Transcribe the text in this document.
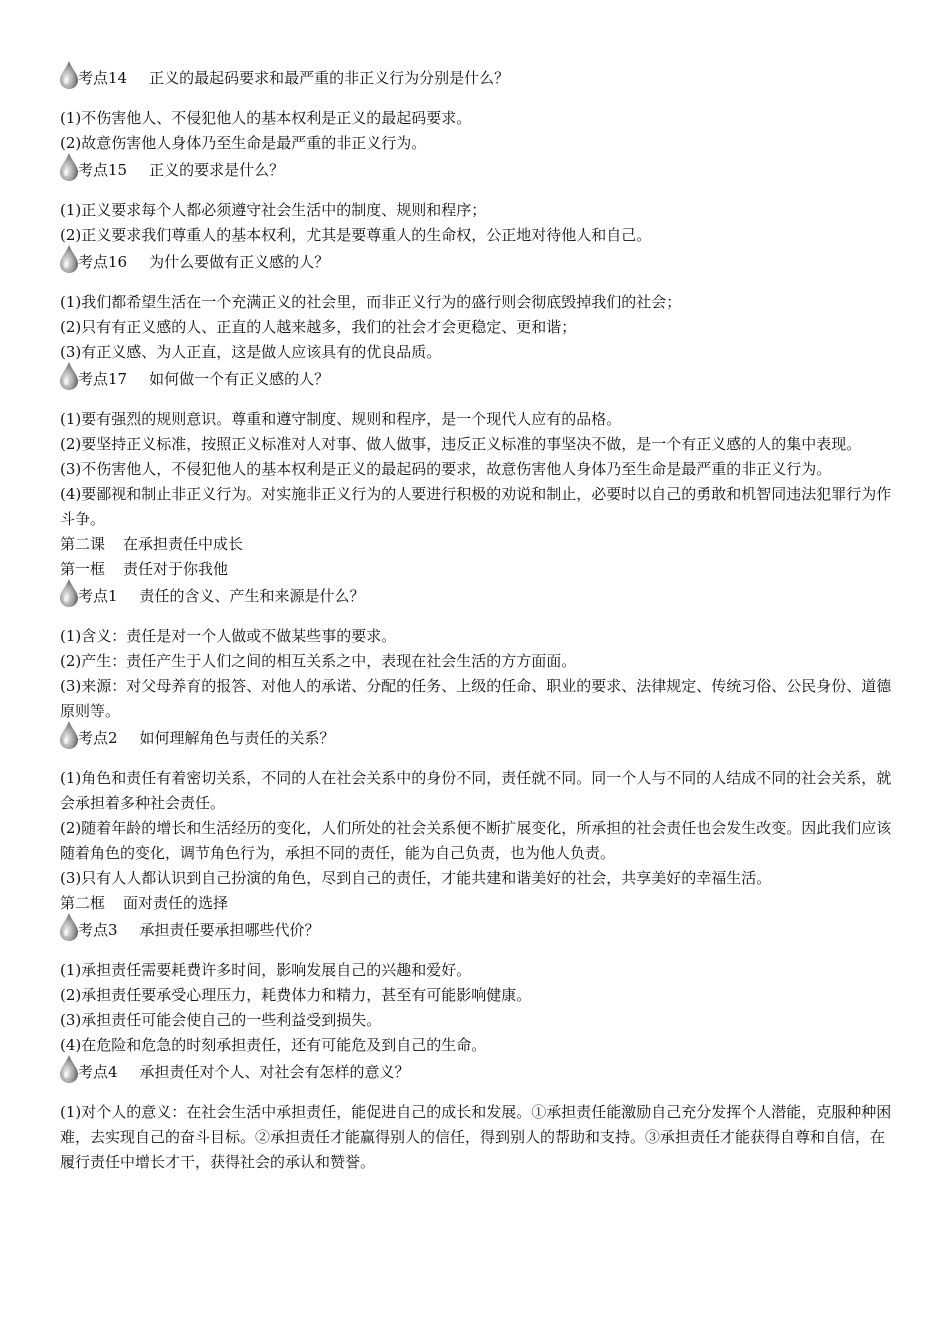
考点14 正义的最起码要求和最严重的非正义行为分别是什么？

(1)不伤害他人、不侵犯他人的基本权利是正义的最起码要求。

(2)故意伤害他人身体乃至生命是最严重的非正义行为。

考点15 正义的要求是什么？

(1)正义要求每个人都必须遵守社会生活中的制度、规则和程序；

(2)正义要求我们尊重人的基本权利，尤其是要尊重人的生命权，公正地对待他人和自己。

考点16 为什么要做有正义感的人？

(1)我们都希望生活在一个充满正义的社会里，而非正义行为的盛行则会彻底毁掉我们的社会；

(2)只有有正义感的人、正直的人越来越多，我们的社会才会更稳定、更和谐；

(3)有正义感、为人正直，这是做人应该具有的优良品质。

考点17 如何做一个有正义感的人？

(1)要有强烈的规则意识。尊重和遵守制度、规则和程序，是一个现代人应有的品格。

(2)要坚持正义标准，按照正义标准对人对事、做人做事，违反正义标准的事坚决不做，是一个有正义感的人的集中表现。

(3)不伤害他人，不侵犯他人的基本权利是正义的最起码的要求，故意伤害他人身体乃至生命是最严重的非正义行为。

(4)要鄙视和制止非正义行为。对实施非正义行为的人要进行积极的劝说和制止，必要时以自己的勇敢和机智同违法犯罪行为作斗争。

第二课 在承担责任中成长

第一框 责任对于你我他

考点1 责任的含义、产生和来源是什么？

(1)含义：责任是对一个人做或不做某些事的要求。

(2)产生：责任产生于人们之间的相互关系之中，表现在社会生活的方方面面。

(3)来源：对父母养育的报答、对他人的承诺、分配的任务、上级的任命、职业的要求、法律规定、传统习俗、公民身份、道德原则等。

考点2 如何理解角色与责任的关系？

(1)角色和责任有着密切关系，不同的人在社会关系中的身份不同，责任就不同。同一个人与不同的人结成不同的社会关系，就会承担着多种社会责任。

(2)随着年龄的增长和生活经历的变化，人们所处的社会关系便不断扩展变化，所承担的社会责任也会发生改变。因此我们应该随着角色的变化，调节角色行为，承担不同的责任，能为自己负责，也为他人负责。

(3)只有人人都认识到自己扮演的角色，尽到自己的责任，才能共建和谐美好的社会，共享美好的幸福生活。

第二框 面对责任的选择

考点3 承担责任要承担哪些代价？

(1)承担责任需要耗费许多时间，影响发展自己的兴趣和爱好。

(2)承担责任要承受心理压力，耗费体力和精力，甚至有可能影响健康。

(3)承担责任可能会使自己的一些利益受到损失。

(4)在危险和危急的时刻承担责任，还有可能危及到自己的生命。

考点4 承担责任对个人、对社会有怎样的意义？

(1)对个人的意义：在社会生活中承担责任，能促进自己的成长和发展。①承担责任能激励自己充分发挥个人潜能，克服种种困难，去实现自己的奋斗目标。②承担责任才能赢得别人的信任，得到别人的帮助和支持。③承担责任才能获得自尊和自信，在履行责任中增长才干，获得社会的承认和赞誉。
